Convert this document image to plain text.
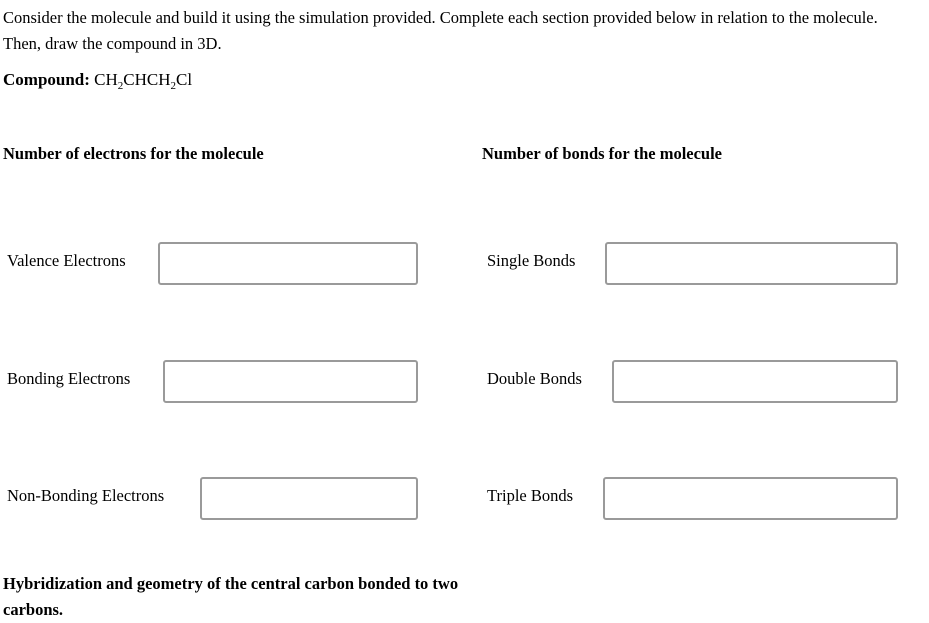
Consider the molecule and build it using the simulation provided. Complete each section provided below in relation to the molecule. Then, draw the compound in 3D.
Compound: $CH_2CHCH_2Cl$
Number of electrons for the molecule
Valence Electrons
Bonding Electrons
Non-Bonding Electrons
Number of bonds for the molecule
Single Bonds
Double Bonds
Triple Bonds
Hybridization and geometry of the central carbon bonded to two carbons.
